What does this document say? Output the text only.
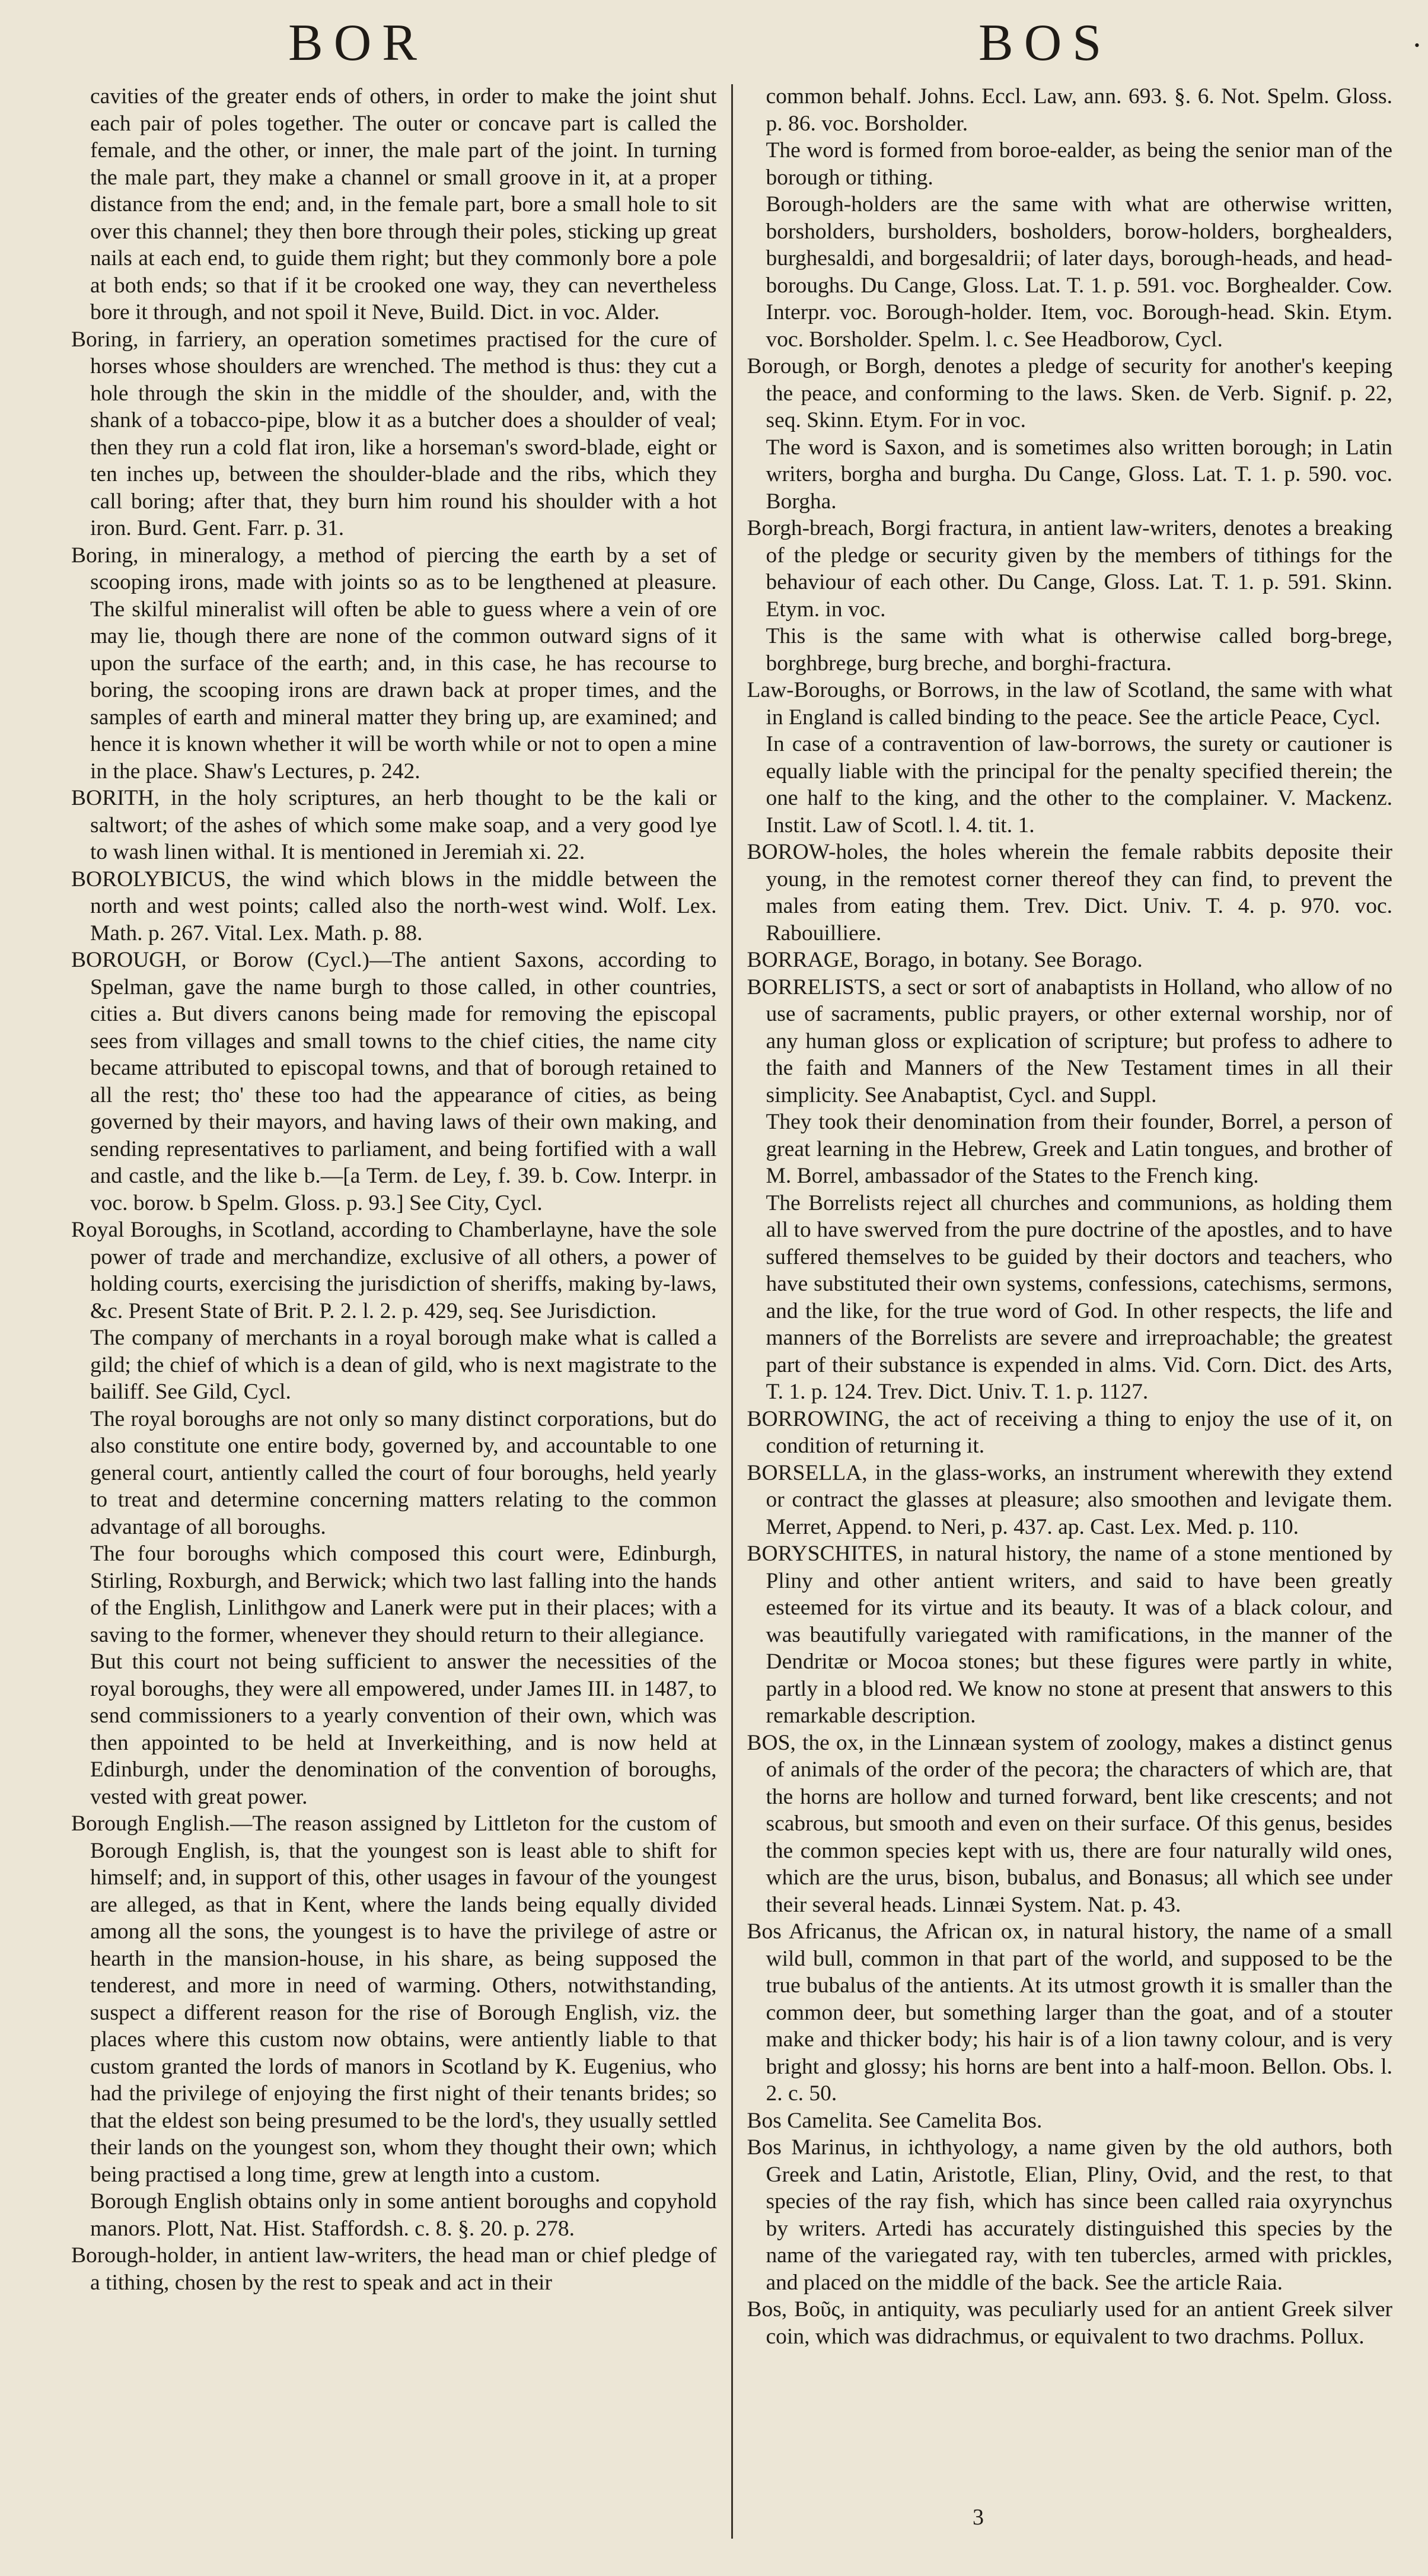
BOR	BOS	•

cavities of the greater ends of others, in order to make the joint shut each pair of poles together. The outer or concave part is called the female, and the other, or inner, the male part of the joint. In turning the male part, they make a channel or small groove in it, at a proper distance from the end; and, in the female part, bore a small hole to sit over this channel; they then bore through their poles, sticking up great nails at each end, to guide them right; but they commonly bore a pole at both ends; so that if it be crooked one way, they can nevertheless bore it through, and not spoil it Neve, Build. Dict. in voc. Alder.

Boring, in farriery, an operation sometimes practised for the cure of horses whose shoulders are wrenched. The method is thus: they cut a hole through the skin in the middle of the shoulder, and, with the shank of a tobacco-pipe, blow it as a butcher does a shoulder of veal; then they run a cold flat iron, like a horseman's sword-blade, eight or ten inches up, between the shoulder-blade and the ribs, which they call boring; after that, they burn him round his shoulder with a hot iron. Burd. Gent. Farr. p. 31.

Boring, in mineralogy, a method of piercing the earth by a set of scooping irons, made with joints so as to be lengthened at pleasure. The skilful mineralist will often be able to guess where a vein of ore may lie, though there are none of the common outward signs of it upon the surface of the earth; and, in this case, he has recourse to boring, the scooping irons are drawn back at proper times, and the samples of earth and mineral matter they bring up, are examined; and hence it is known whether it will be worth while or not to open a mine in the place. Shaw's Lectures, p. 242.

BORITH, in the holy scriptures, an herb thought to be the kali or saltwort; of the ashes of which some make soap, and a very good lye to wash linen withal. It is mentioned in Jeremiah xi. 22.

BOROLYBICUS, the wind which blows in the middle between the north and west points; called also the north-west wind. Wolf. Lex. Math. p. 267. Vital. Lex. Math. p. 88.

BOROUGH, or Borow (Cycl.)—The antient Saxons, according to Spelman, gave the name burgh to those called, in other countries, cities a. But divers canons being made for removing the episcopal sees from villages and small towns to the chief cities, the name city became attributed to episcopal towns, and that of borough retained to all the rest; tho' these too had the appearance of cities, as being governed by their mayors, and having laws of their own making, and sending representatives to parliament, and being fortified with a wall and castle, and the like b.—[a Term. de Ley, f. 39. b. Cow. Interpr. in voc. borow. b Spelm. Gloss. p. 93.] See City, Cycl.

Royal Boroughs, in Scotland, according to Chamberlayne, have the sole power of trade and merchandize, exclusive of all others, a power of holding courts, exercising the jurisdiction of sheriffs, making by-laws, &c. Present State of Brit. P. 2. l. 2. p. 429, seq. See Jurisdiction.

The company of merchants in a royal borough make what is called a gild; the chief of which is a dean of gild, who is next magistrate to the bailiff. See Gild, Cycl.

The royal boroughs are not only so many distinct corporations, but do also constitute one entire body, governed by, and accountable to one general court, antiently called the court of four boroughs, held yearly to treat and determine concerning matters relating to the common advantage of all boroughs.

The four boroughs which composed this court were, Edinburgh, Stirling, Roxburgh, and Berwick; which two last falling into the hands of the English, Linlithgow and Lanerk were put in their places; with a saving to the former, whenever they should return to their allegiance.

But this court not being sufficient to answer the necessities of the royal boroughs, they were all empowered, under James III. in 1487, to send commissioners to a yearly convention of their own, which was then appointed to be held at Inverkeithing, and is now held at Edinburgh, under the denomination of the convention of boroughs, vested with great power.

Borough English.—The reason assigned by Littleton for the custom of Borough English, is, that the youngest son is least able to shift for himself; and, in support of this, other usages in favour of the youngest are alleged, as that in Kent, where the lands being equally divided among all the sons, the youngest is to have the privilege of astre or hearth in the mansion-house, in his share, as being supposed the tenderest, and more in need of warming. Others, notwithstanding, suspect a different reason for the rise of Borough English, viz. the places where this custom now obtains, were antiently liable to that custom granted the lords of manors in Scotland by K. Eugenius, who had the privilege of enjoying the first night of their tenants brides; so that the eldest son being presumed to be the lord's, they usually settled their lands on the youngest son, whom they thought their own; which being practised a long time, grew at length into a custom.

Borough English obtains only in some antient boroughs and copyhold manors. Plott, Nat. Hist. Staffordsh. c. 8. §. 20. p. 278.

Borough-holder, in antient law-writers, the head man or chief pledge of a tithing, chosen by the rest to speak and act in their

common behalf. Johns. Eccl. Law, ann. 693. §. 6. Not. Spelm. Gloss. p. 86. voc. Borsholder.

The word is formed from boroe-ealder, as being the senior man of the borough or tithing.

Borough-holders are the same with what are otherwise written, borsholders, bursholders, bosholders, borow-holders, borghealders, burghesaldi, and borgesaldrii; of later days, borough-heads, and head-boroughs. Du Cange, Gloss. Lat. T. 1. p. 591. voc. Borghealder. Cow. Interpr. voc. Borough-holder. Item, voc. Borough-head. Skin. Etym. voc. Borsholder. Spelm. l. c. See Headborow, Cycl.

Borough, or Borgh, denotes a pledge of security for another's keeping the peace, and conforming to the laws. Sken. de Verb. Signif. p. 22, seq. Skinn. Etym. For in voc.

The word is Saxon, and is sometimes also written borough; in Latin writers, borgha and burgha. Du Cange, Gloss. Lat. T. 1. p. 590. voc. Borgha.

Borgh-breach, Borgi fractura, in antient law-writers, denotes a breaking of the pledge or security given by the members of tithings for the behaviour of each other. Du Cange, Gloss. Lat. T. 1. p. 591. Skinn. Etym. in voc.

This is the same with what is otherwise called borg-brege, borghbrege, burg breche, and borghi-fractura.

Law-Boroughs, or Borrows, in the law of Scotland, the same with what in England is called binding to the peace. See the article Peace, Cycl.

In case of a contravention of law-borrows, the surety or cautioner is equally liable with the principal for the penalty specified therein; the one half to the king, and the other to the complainer. V. Mackenz. Instit. Law of Scotl. l. 4. tit. 1.

BOROW-holes, the holes wherein the female rabbits deposite their young, in the remotest corner thereof they can find, to prevent the males from eating them. Trev. Dict. Univ. T. 4. p. 970. voc. Rabouilliere.

BORRAGE, Borago, in botany. See Borago.

BORRELISTS, a sect or sort of anabaptists in Holland, who allow of no use of sacraments, public prayers, or other external worship, nor of any human gloss or explication of scripture; but profess to adhere to the faith and Manners of the New Testament times in all their simplicity. See Anabaptist, Cycl. and Suppl.

They took their denomination from their founder, Borrel, a person of great learning in the Hebrew, Greek and Latin tongues, and brother of M. Borrel, ambassador of the States to the French king.

The Borrelists reject all churches and communions, as holding them all to have swerved from the pure doctrine of the apostles, and to have suffered themselves to be guided by their doctors and teachers, who have substituted their own systems, confessions, catechisms, sermons, and the like, for the true word of God. In other respects, the life and manners of the Borrelists are severe and irreproachable; the greatest part of their substance is expended in alms. Vid. Corn. Dict. des Arts, T. 1. p. 124. Trev. Dict. Univ. T. 1. p. 1127.

BORROWING, the act of receiving a thing to enjoy the use of it, on condition of returning it.

BORSELLA, in the glass-works, an instrument wherewith they extend or contract the glasses at pleasure; also smoothen and levigate them. Merret, Append. to Neri, p. 437. ap. Cast. Lex. Med. p. 110.

BORYSCHITES, in natural history, the name of a stone mentioned by Pliny and other antient writers, and said to have been greatly esteemed for its virtue and its beauty. It was of a black colour, and was beautifully variegated with ramifications, in the manner of the Dendritæ or Mocoa stones; but these figures were partly in white, partly in a blood red. We know no stone at present that answers to this remarkable description.

BOS, the ox, in the Linnæan system of zoology, makes a distinct genus of animals of the order of the pecora; the characters of which are, that the horns are hollow and turned forward, bent like crescents; and not scabrous, but smooth and even on their surface. Of this genus, besides the common species kept with us, there are four naturally wild ones, which are the urus, bison, bubalus, and Bonasus; all which see under their several heads. Linnæi System. Nat. p. 43.

Bos Africanus, the African ox, in natural history, the name of a small wild bull, common in that part of the world, and supposed to be the true bubalus of the antients. At its utmost growth it is smaller than the common deer, but something larger than the goat, and of a stouter make and thicker body; his hair is of a lion tawny colour, and is very bright and glossy; his horns are bent into a half-moon. Bellon. Obs. l. 2. c. 50.

Bos Camelita. See Camelita Bos.

Bos Marinus, in ichthyology, a name given by the old authors, both Greek and Latin, Aristotle, Elian, Pliny, Ovid, and the rest, to that species of the ray fish, which has since been called raia oxyrynchus by writers. Artedi has accurately distinguished this species by the name of the variegated ray, with ten tubercles, armed with prickles, and placed on the middle of the back. See the article Raia.

Bos, Βοῦς, in antiquity, was peculiarly used for an antient Greek silver coin, which was didrachmus, or equivalent to two drachms. Pollux.

3
